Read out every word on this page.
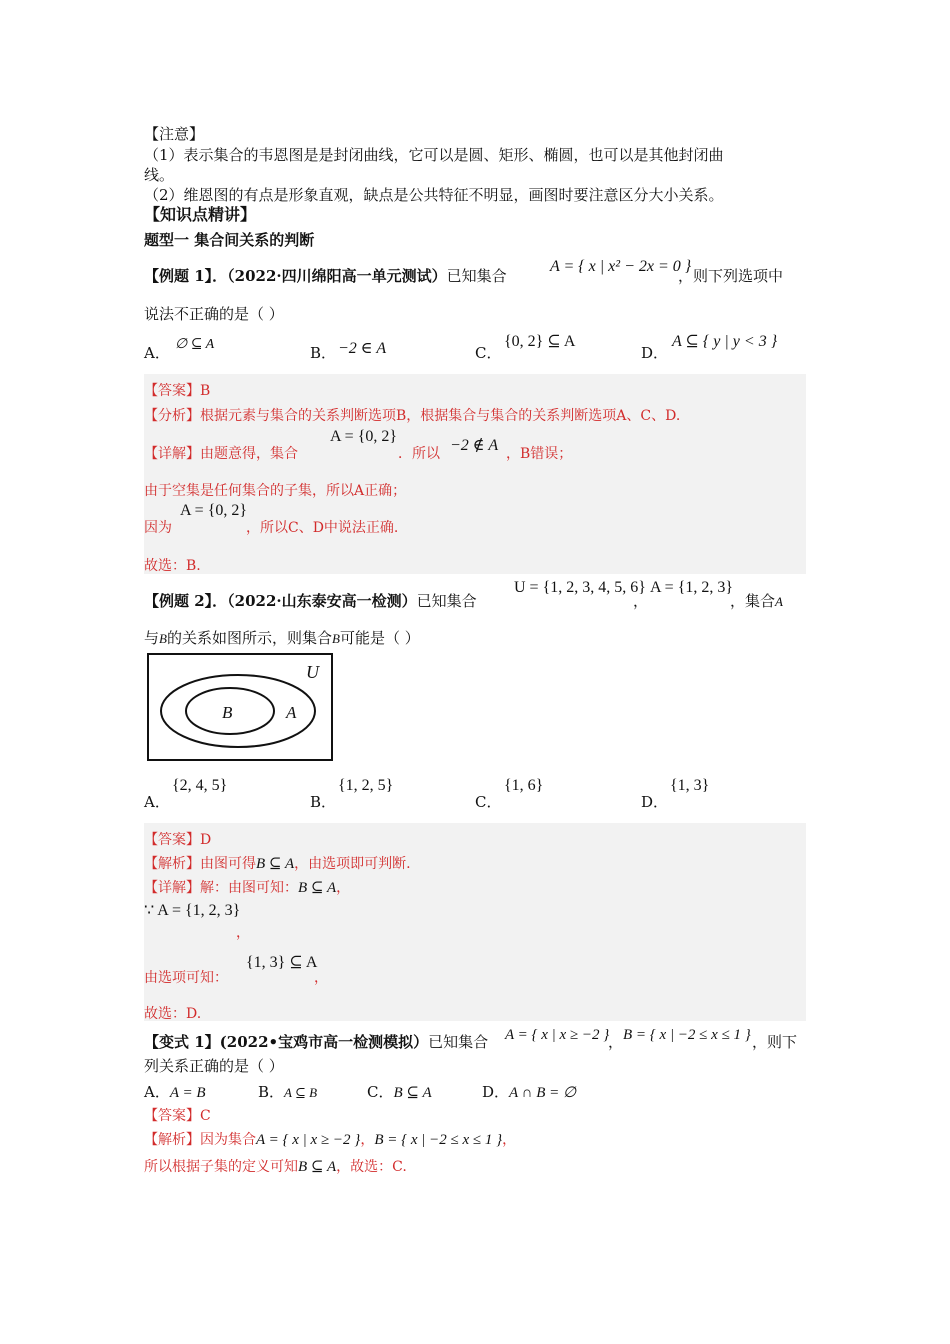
【注意】
（1）表示集合的韦恩图是是封闭曲线，它可以是圆、矩形、椭圆，也可以是其他封闭曲
线。
（2）维恩图的有点是形象直观，缺点是公共特征不明显，画图时要注意区分大小关系。
【知识点精讲】
题型一 集合间关系的判断
【例题 1】．（2022·四川绵阳高一单元测试）已知集合
A = { x | x² − 2x = 0 }
，则下列选项中
说法不正确的是（ ）
A． ∅ ⊆ A	B． −2 ∈ A	C．
{0, 2} ⊆ A
D．
A ⊆ { y | y < 3 }
【答案】B
【分析】根据元素与集合的关系判断选项B，根据集合与集合的关系判断选项A、C、D.
【详解】由题意得，集合
A = {0, 2}
．所以 −2 ∉ A ，B错误；
由于空集是任何集合的子集，所以A正确；
因为
A = {0, 2}
，所以C、D中说法正确.
故选：B.
【例题 2】．（2022·山东泰安高一检测）已知集合
U = {1, 2, 3, 4, 5, 6}
，
A = {1, 2, 3}
，集合A
与B的关系如图所示，则集合B可能是（ ）
U
A
B
A．
{2, 4, 5}
B．
{1, 2, 5}
C．
{1, 6}
D．
{1, 3}
【答案】D
【解析】由图可得B ⊆ A，由选项即可判断.
【详解】解：由图可知：B ⊆ A，
∵ A = {1, 2, 3}
，
由选项可知：
{1, 3} ⊆ A
，
故选：D.
【变式 1】(2022•宝鸡市高一检测模拟）已知集合 A = { x | x ≥ −2 }
， B = { x | −2 ≤ x ≤ 1 } ，则下
列关系正确的是（ ）
A．A = B	B．A ⊆ B	C．B ⊆ A	D．A ∩ B = ∅
【答案】C
【解析】因为集合A = { x | x ≥ −2 }，B = { x | −2 ≤ x ≤ 1 }，
所以根据子集的定义可知B ⊆ A，故选：C.
